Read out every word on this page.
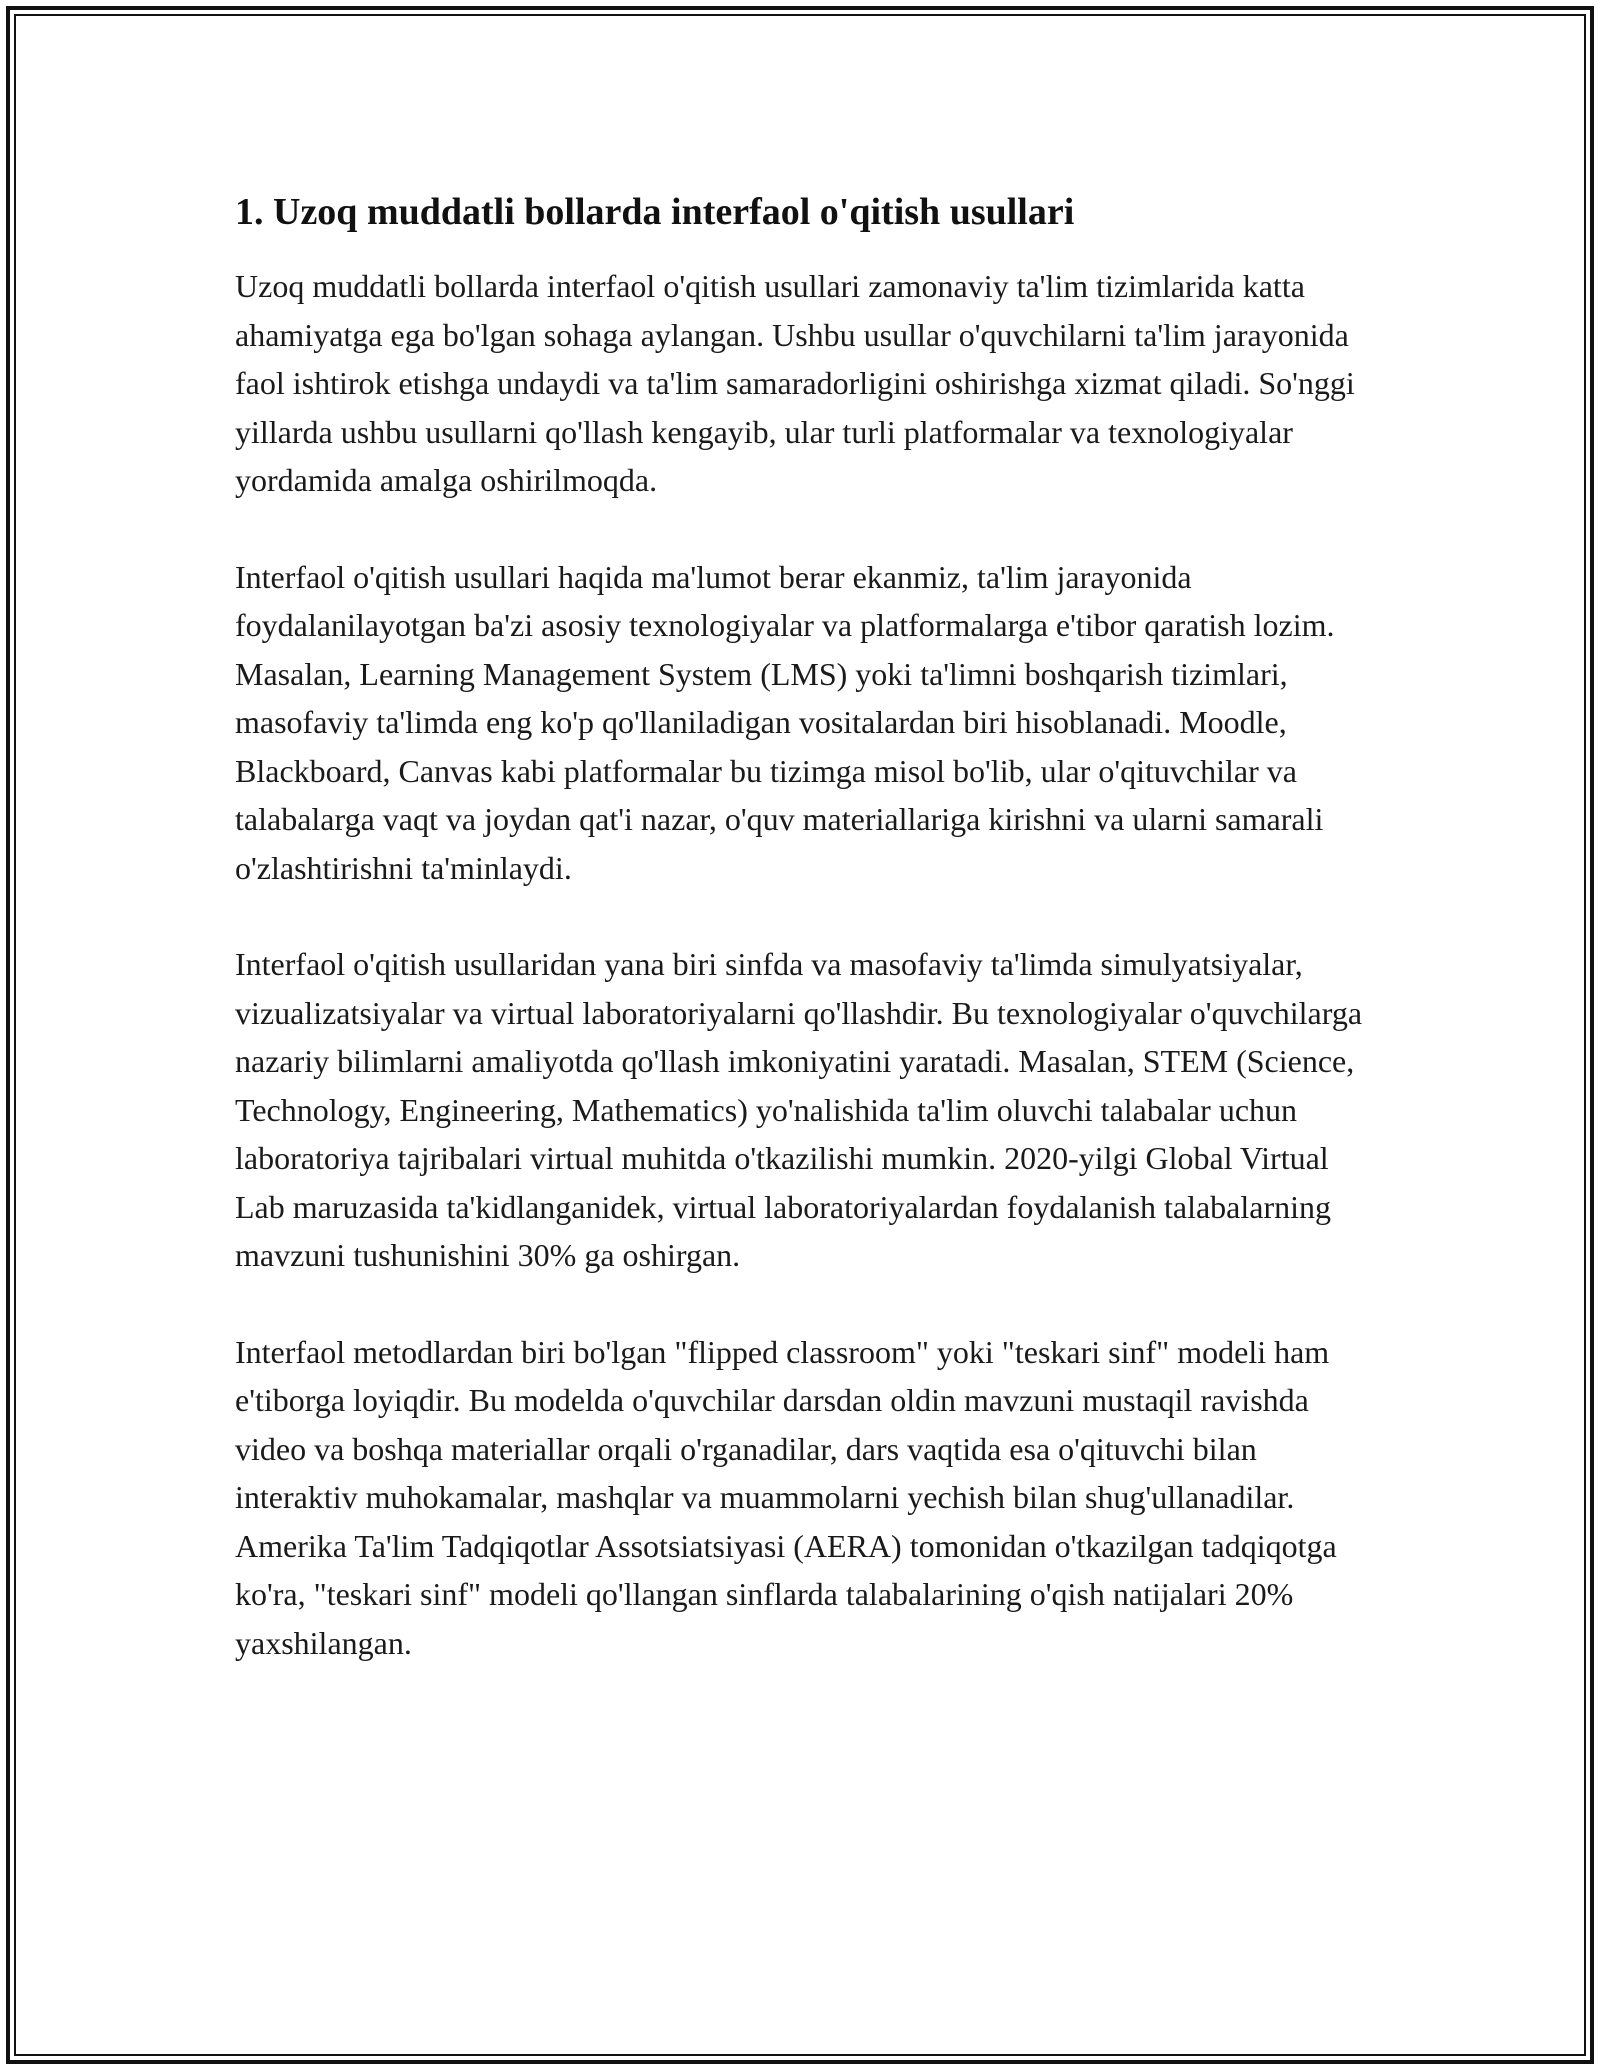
1. Uzoq muddatli bollarda interfaol o'qitish usullari

Uzoq muddatli bollarda interfaol o'qitish usullari zamonaviy ta'lim tizimlarida katta ahamiyatga ega bo'lgan sohaga aylangan. Ushbu usullar o'quvchilarni ta'lim jarayonida faol ishtirok etishga undaydi va ta'lim samaradorligini oshirishga xizmat qiladi. So'nggi yillarda ushbu usullarni qo'llash kengayib, ular turli platformalar va texnologiyalar yordamida amalga oshirilmoqda.

Interfaol o'qitish usullari haqida ma'lumot berar ekanmiz, ta'lim jarayonida foydalanilayotgan ba'zi asosiy texnologiyalar va platformalarga e'tibor qaratish lozim. Masalan, Learning Management System (LMS) yoki ta'limni boshqarish tizimlari, masofaviy ta'limda eng ko'p qo'llaniladigan vositalardan biri hisoblanadi. Moodle, Blackboard, Canvas kabi platformalar bu tizimga misol bo'lib, ular o'qituvchilar va talabalarga vaqt va joydan qat'i nazar, o'quv materiallariga kirishni va ularni samarali o'zlashtirishni ta'minlaydi.

Interfaol o'qitish usullaridan yana biri sinfda va masofaviy ta'limda simulyatsiyalar, vizualizatsiyalar va virtual laboratoriyalarni qo'llashdir. Bu texnologiyalar o'quvchilarga nazariy bilimlarni amaliyotda qo'llash imkoniyatini yaratadi. Masalan, STEM (Science, Technology, Engineering, Mathematics) yo'nalishida ta'lim oluvchi talabalar uchun laboratoriya tajribalari virtual muhitda o'tkazilishi mumkin. 2020-yilgi Global Virtual Lab maruzasida ta'kidlanganidek, virtual laboratoriyalardan foydalanish talabalarning mavzuni tushunishini 30% ga oshirgan.

Interfaol metodlardan biri bo'lgan "flipped classroom" yoki "teskari sinf" modeli ham e'tiborga loyiqdir. Bu modelda o'quvchilar darsdan oldin mavzuni mustaqil ravishda video va boshqa materiallar orqali o'rganadilar, dars vaqtida esa o'qituvchi bilan interaktiv muhokamalar, mashqlar va muammolarni yechish bilan shug'ullanadilar. Amerika Ta'lim Tadqiqotlar Assotsiatsiyasi (AERA) tomonidan o'tkazilgan tadqiqotga ko'ra, "teskari sinf" modeli qo'llangan sinflarda talabalarining o'qish natijalari 20% yaxshilangan.
